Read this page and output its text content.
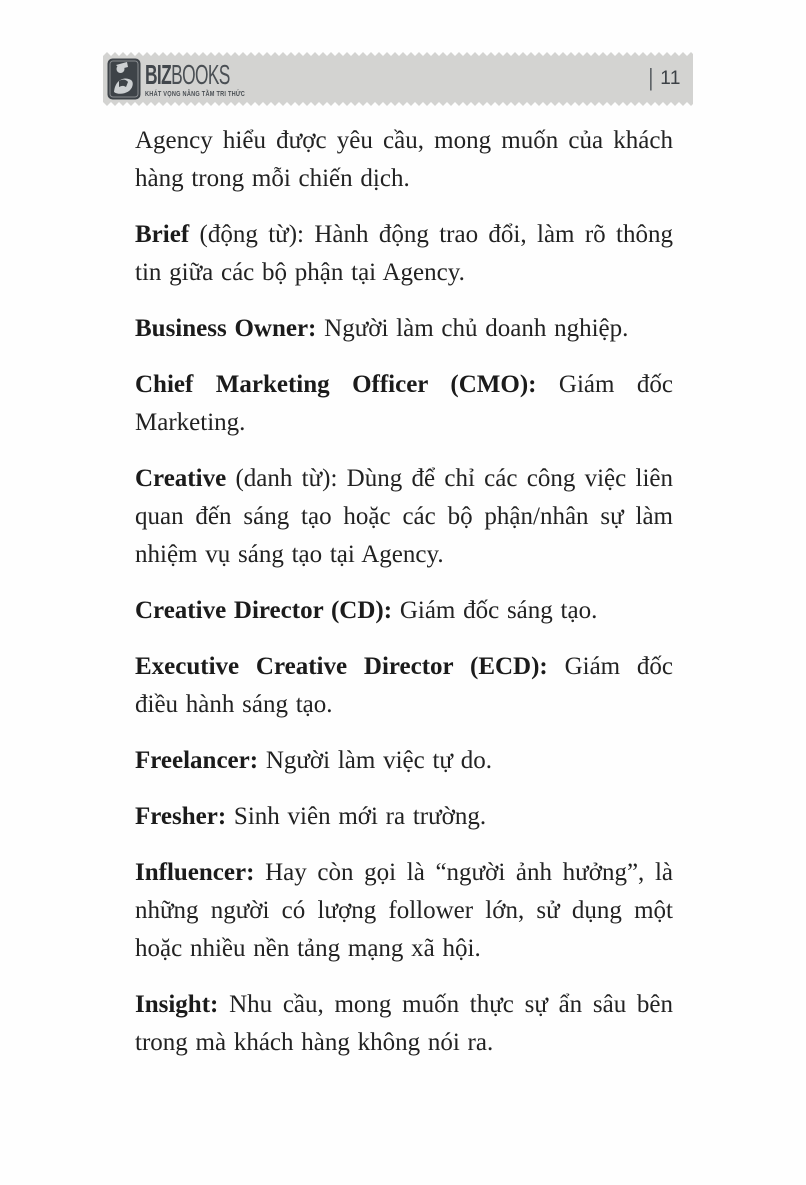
BIZBOOKS
KHÁT VỌNG NÂNG TẦM TRI THỨC
| 11

Agency hiểu được yêu cầu, mong muốn của khách hàng trong mỗi chiến dịch.

Brief (động từ): Hành động trao đổi, làm rõ thông tin giữa các bộ phận tại Agency.

Business Owner: Người làm chủ doanh nghiệp.

Chief Marketing Officer (CMO): Giám đốc Marketing.

Creative (danh từ): Dùng để chỉ các công việc liên quan đến sáng tạo hoặc các bộ phận/nhân sự làm nhiệm vụ sáng tạo tại Agency.

Creative Director (CD): Giám đốc sáng tạo.

Executive Creative Director (ECD): Giám đốc điều hành sáng tạo.

Freelancer: Người làm việc tự do.

Fresher: Sinh viên mới ra trường.

Influencer: Hay còn gọi là “người ảnh hưởng”, là những người có lượng follower lớn, sử dụng một hoặc nhiều nền tảng mạng xã hội.

Insight: Nhu cầu, mong muốn thực sự ẩn sâu bên trong mà khách hàng không nói ra.
